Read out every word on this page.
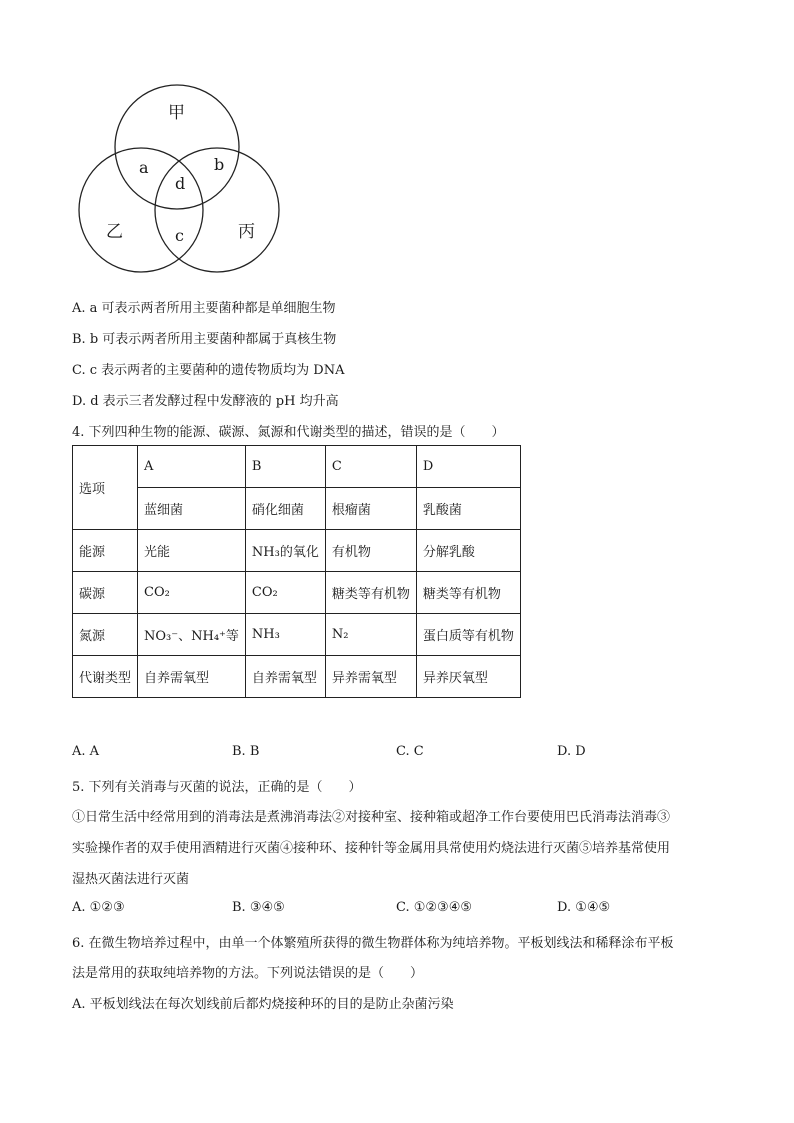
甲
乙	丙
a	b
d
c
A. a 可表示两者所用主要菌种都是单细胞生物
B. b 可表示两者所用主要菌种都属于真核生物
C. c 表示两者的主要菌种的遗传物质均为 DNA
D. d 表示三者发酵过程中发酵液的 pH 均升高
4. 下列四种生物的能源、碳源、氮源和代谢类型的描述，错误的是（　　）
选项	A	B	C	D
	蓝细菌	硝化细菌	根瘤菌	乳酸菌
能源	光能	NH₃的氧化	有机物	分解乳酸
碳源	CO₂	CO₂	糖类等有机物	糖类等有机物
氮源	NO₃⁻、NH₄⁺等	NH₃	N₂	蛋白质等有机物
代谢类型	自养需氧型	自养需氧型	异养需氧型	异养厌氧型
A. A	B. B	C. C	D. D
5. 下列有关消毒与灭菌的说法，正确的是（　　）
①日常生活中经常用到的消毒法是煮沸消毒法②对接种室、接种箱或超净工作台要使用巴氏消毒法消毒③
实验操作者的双手使用酒精进行灭菌④接种环、接种针等金属用具常使用灼烧法进行灭菌⑤培养基常使用
湿热灭菌法进行灭菌
A. ①②③	B. ③④⑤	C. ①②③④⑤	D. ①④⑤
6. 在微生物培养过程中，由单一个体繁殖所获得的微生物群体称为纯培养物。平板划线法和稀释涂布平板
法是常用的获取纯培养物的方法。下列说法错误的是（　　）
A. 平板划线法在每次划线前后都灼烧接种环的目的是防止杂菌污染
